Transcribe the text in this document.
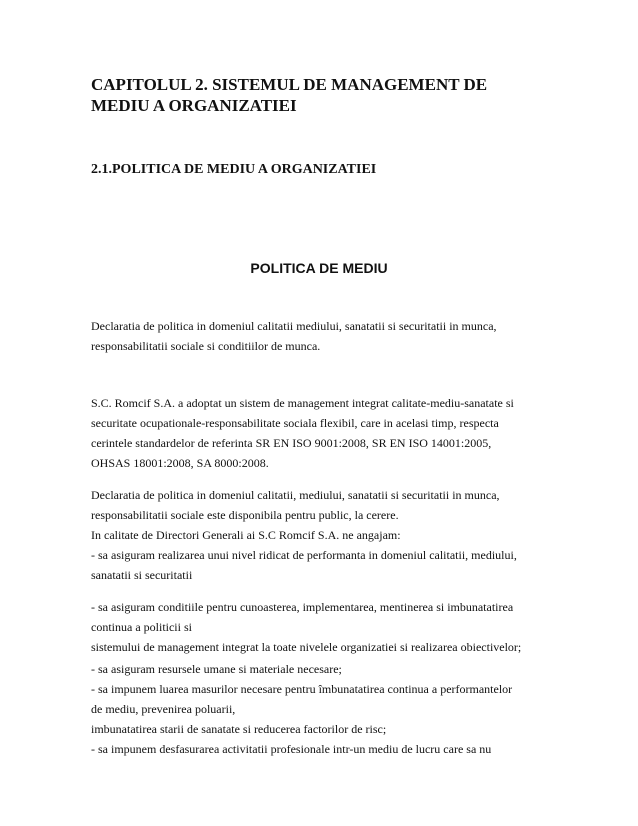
CAPITOLUL 2. SISTEMUL DE MANAGEMENT DE
MEDIU A ORGANIZATIEI
2.1.POLITICA DE MEDIU A ORGANIZATIEI
POLITICA DE MEDIU

Declaratia de politica in domeniul calitatii mediului, sanatatii si securitatii in munca,
responsabilitatii sociale si conditiilor de munca.

S.C. Romcif S.A. a adoptat un sistem de management integrat calitate-mediu-sanatate si
securitate ocupationale-responsabilitate sociala flexibil, care in acelasi timp, respecta
cerintele standardelor de referinta SR EN ISO 9001:2008, SR EN ISO 14001:2005,
OHSAS 18001:2008, SA 8000:2008.

Declaratia de politica in domeniul calitatii, mediului, sanatatii si securitatii in munca,
responsabilitatii sociale este disponibila pentru public, la cerere.
In calitate de Directori Generali ai S.C Romcif S.A. ne angajam:
- sa asiguram realizarea unui nivel ridicat de performanta in domeniul calitatii, mediului,
sanatatii si securitatii

- sa asiguram conditiile pentru cunoasterea, implementarea, mentinerea si imbunatatirea
continua a politicii si
sistemului de management integrat la toate nivelele organizatiei si realizarea obiectivelor;

- sa asiguram resursele umane si materiale necesare;
- sa impunem luarea masurilor necesare pentru îmbunatatirea continua a performantelor
de mediu, prevenirea poluarii,
imbunatatirea starii de sanatate si reducerea factorilor de risc;
- sa impunem desfasurarea activitatii profesionale intr-un mediu de lucru care sa nu
